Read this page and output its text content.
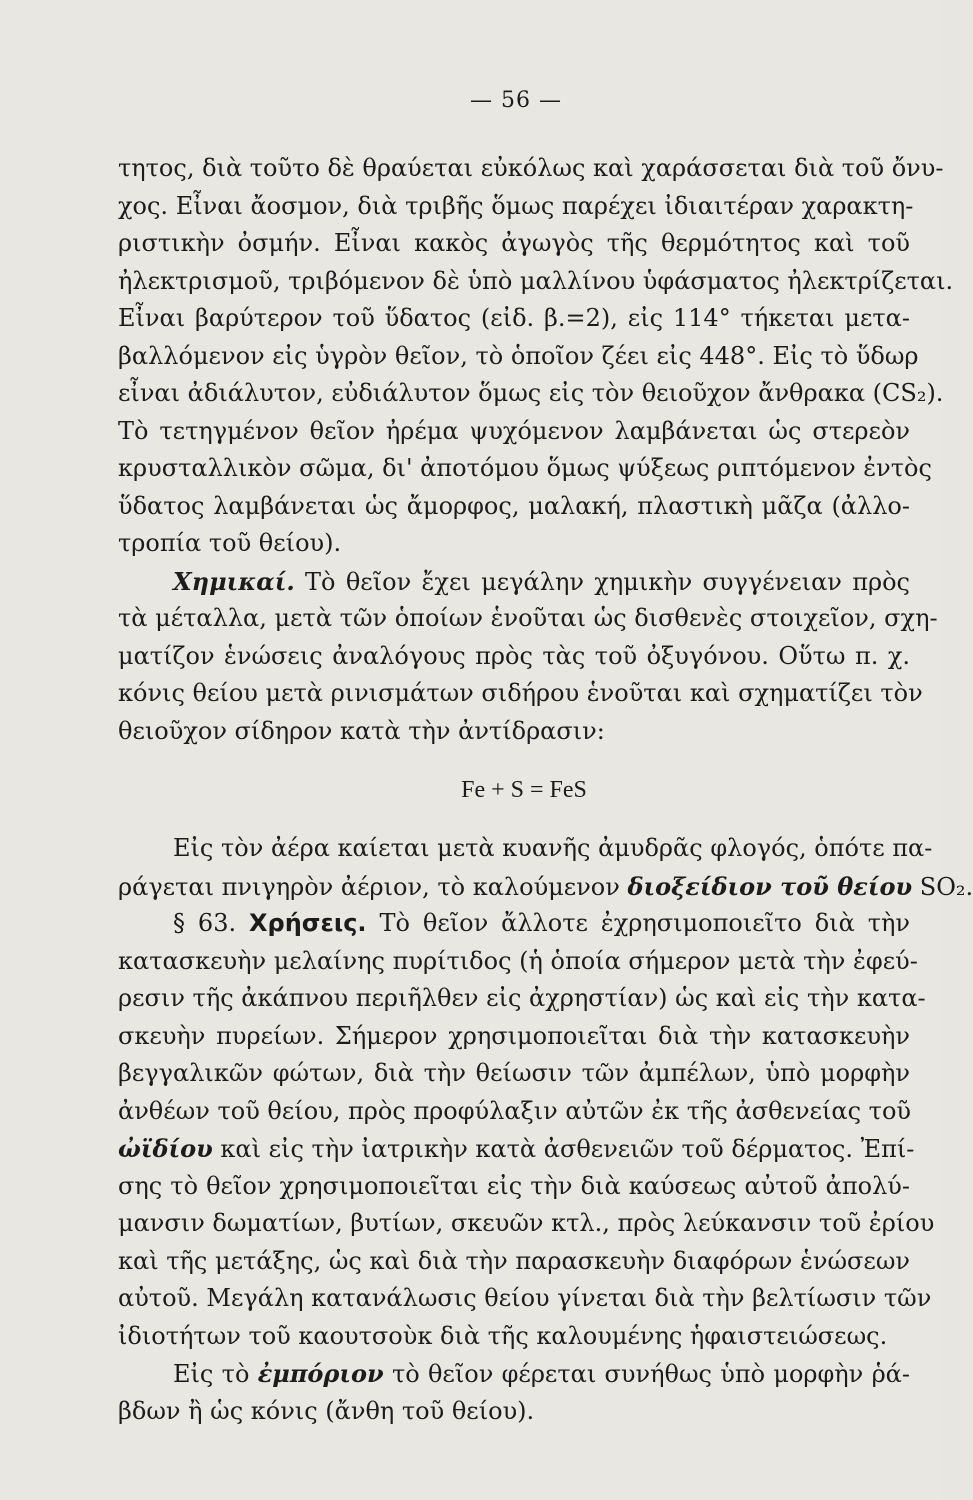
— 56 —
τητος, διὰ τοῦτο δὲ θραύεται εὐκόλως καὶ χαράσσεται διὰ τοῦ ὄνυ-
χος. Εἶναι ἄοσμον, διὰ τριβῆς ὅμως παρέχει ἰδιαιτέραν χαρακτη-
ριστικὴν ὀσμήν. Εἶναι κακὸς ἀγωγὸς τῆς θερμότητος καὶ τοῦ
ἠλεκτρισμοῦ, τριβόμενον δὲ ὑπὸ μαλλίνου ὑφάσματος ἠλεκτρίζεται.
Εἶναι βαρύτερον τοῦ ὕδατος (εἰδ. β.=2), εἰς 114° τήκεται μετα-
βαλλόμενον εἰς ὑγρὸν θεῖον, τὸ ὁποῖον ζέει εἰς 448°. Εἰς τὸ ὕδωρ
εἶναι ἀδιάλυτον, εὐδιάλυτον ὅμως εἰς τὸν θειοῦχον ἄνθρακα (CS₂).
Τὸ τετηγμένον θεῖον ἠρέμα ψυχόμενον λαμβάνεται ὡς στερεὸν
κρυσταλλικὸν σῶμα, δι' ἀποτόμου ὅμως ψύξεως ριπτόμενον ἐντὸς
ὕδατος λαμβάνεται ὡς ἄμορφος, μαλακή, πλαστικὴ μᾶζα (ἀλλο-
τροπία τοῦ θείου).
Χημικαί. Τὸ θεῖον ἔχει μεγάλην χημικὴν συγγένειαν πρὸς
τὰ μέταλλα, μετὰ τῶν ὁποίων ἑνοῦται ὡς δισθενὲς στοιχεῖον, σχη-
ματίζον ἑνώσεις ἀναλόγους πρὸς τὰς τοῦ ὀξυγόνου. Οὕτω π. χ.
κόνις θείου μετὰ ρινισμάτων σιδήρου ἑνοῦται καὶ σχηματίζει τὸν
θειοῦχον σίδηρον κατὰ τὴν ἀντίδρασιν:
Fe + S = FeS
Εἰς τὸν ἀέρα καίεται μετὰ κυανῆς ἀμυδρᾶς φλογός, ὁπότε πα-
ράγεται πνιγηρὸν ἀέριον, τὸ καλούμενον διοξείδιον τοῦ θείου SO₂.
§ 63. Χρήσεις. Τὸ θεῖον ἄλλοτε ἐχρησιμοποιεῖτο διὰ τὴν
κατασκευὴν μελαίνης πυρίτιδος (ἡ ὁποία σήμερον μετὰ τὴν ἐφεύ-
ρεσιν τῆς ἀκάπνου περιῆλθεν εἰς ἀχρηστίαν) ὡς καὶ εἰς τὴν κατα-
σκευὴν πυρείων. Σήμερον χρησιμοποιεῖται διὰ τὴν κατασκευὴν
βεγγαλικῶν φώτων, διὰ τὴν θείωσιν τῶν ἀμπέλων, ὑπὸ μορφὴν
ἀνθέων τοῦ θείου, πρὸς προφύλαξιν αὐτῶν ἐκ τῆς ἀσθενείας τοῦ
ὠϊδίου καὶ εἰς τὴν ἰατρικὴν κατὰ ἀσθενειῶν τοῦ δέρματος. Ἐπί-
σης τὸ θεῖον χρησιμοποιεῖται εἰς τὴν διὰ καύσεως αὐτοῦ ἀπολύ-
μανσιν δωματίων, βυτίων, σκευῶν κτλ., πρὸς λεύκανσιν τοῦ ἐρίου
καὶ τῆς μετάξης, ὡς καὶ διὰ τὴν παρασκευὴν διαφόρων ἑνώσεων
αὐτοῦ. Μεγάλη κατανάλωσις θείου γίνεται διὰ τὴν βελτίωσιν τῶν
ἰδιοτήτων τοῦ καουτσοὺκ διὰ τῆς καλουμένης ἡφαιστειώσεως.
Εἰς τὸ ἐμπόριον τὸ θεῖον φέρεται συνήθως ὑπὸ μορφὴν ῥά-
βδων ἢ ὡς κόνις (ἄνθη τοῦ θείου).
